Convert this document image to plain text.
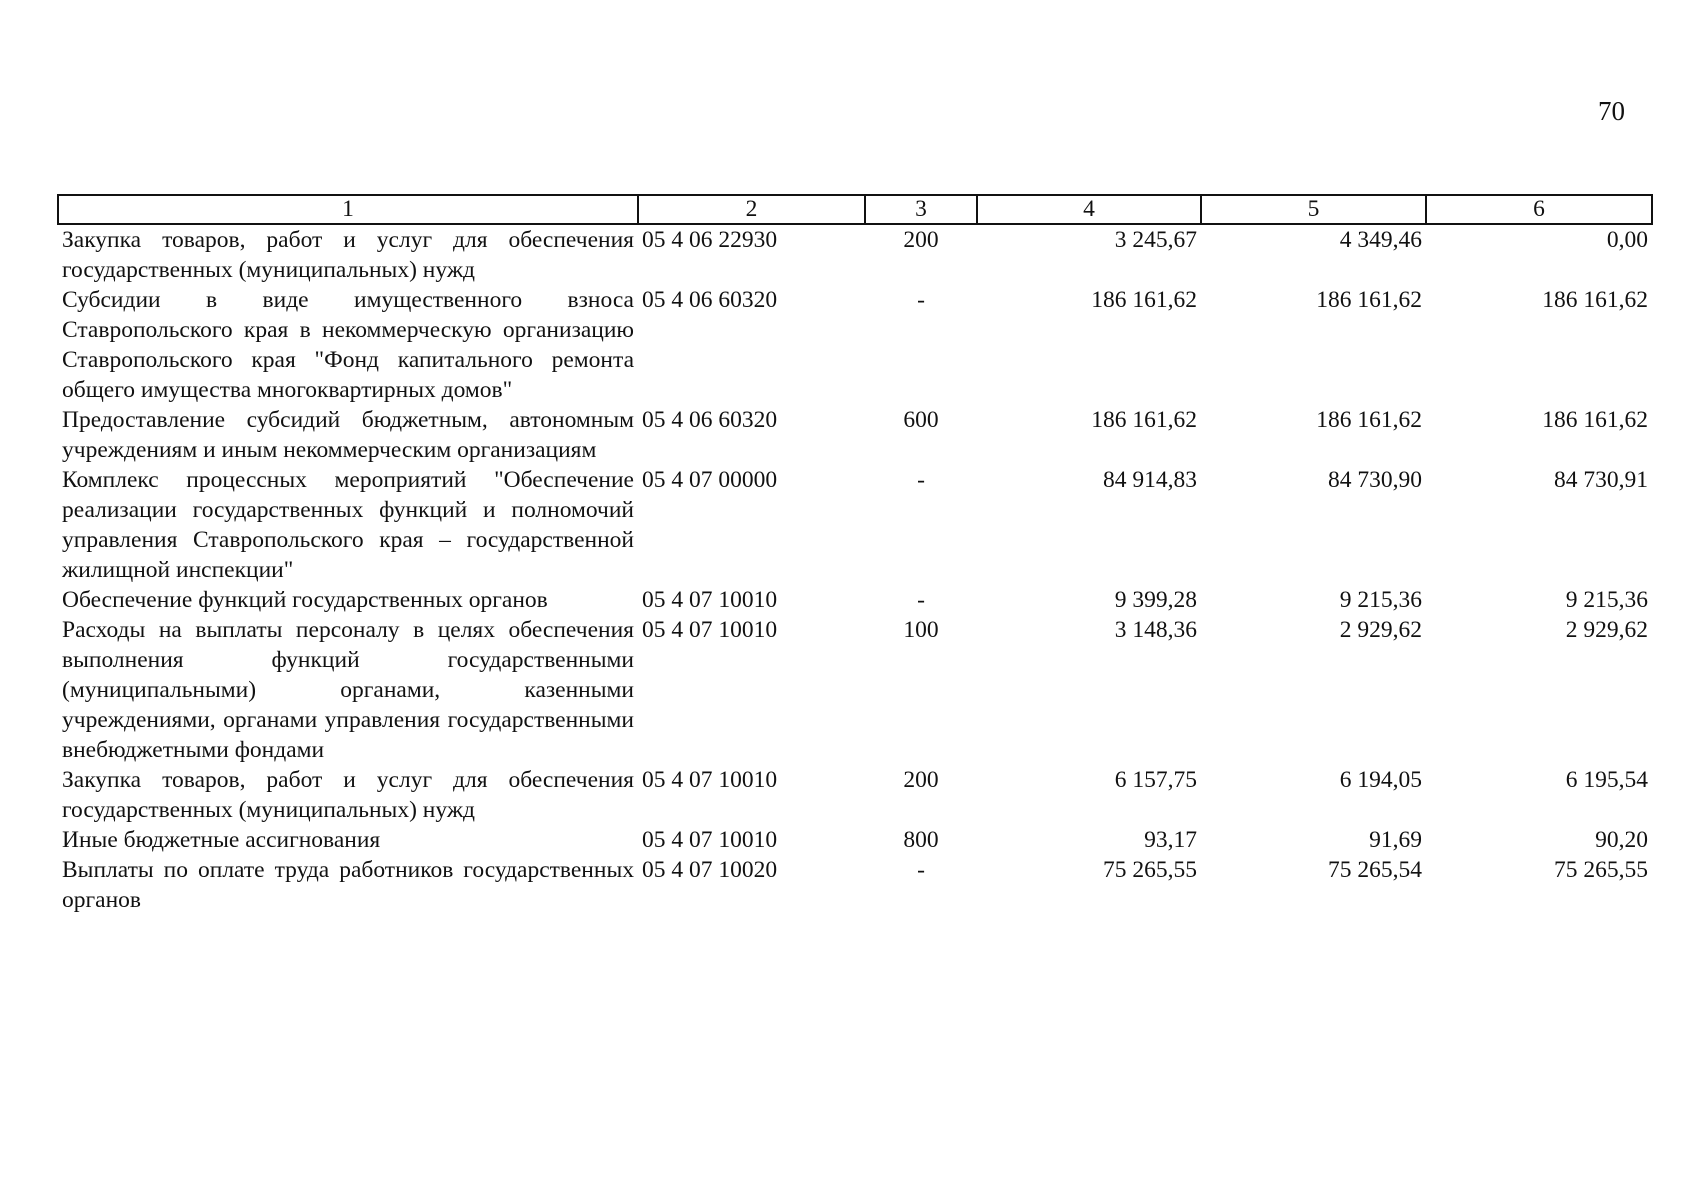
70
1	2	3	4	5	6
Закупка товаров, работ и услуг для обеспечения государственных (муниципальных) нужд	05 4 06 22930	200	3 245,67	4 349,46	0,00
Субсидии в виде имущественного взноса Ставропольского края в некоммерческую организацию Ставропольского края "Фонд капитального ремонта общего имущества многоквартирных домов"	05 4 06 60320	-	186 161,62	186 161,62	186 161,62
Предоставление субсидий бюджетным, автономным учреждениям и иным некоммерческим организациям	05 4 06 60320	600	186 161,62	186 161,62	186 161,62
Комплекс процессных мероприятий "Обеспечение реализации государственных функций и полномочий управления Ставропольского края – государственной жилищной инспекции"	05 4 07 00000	-	84 914,83	84 730,90	84 730,91
Обеспечение функций государственных органов	05 4 07 10010	-	9 399,28	9 215,36	9 215,36
Расходы на выплаты персоналу в целях обеспечения выполнения функций государственными (муниципальными) органами, казенными учреждениями, органами управления государственными внебюджетными фондами	05 4 07 10010	100	3 148,36	2 929,62	2 929,62
Закупка товаров, работ и услуг для обеспечения государственных (муниципальных) нужд	05 4 07 10010	200	6 157,75	6 194,05	6 195,54
Иные бюджетные ассигнования	05 4 07 10010	800	93,17	91,69	90,20
Выплаты по оплате труда работников государственных органов	05 4 07 10020	-	75 265,55	75 265,54	75 265,55
